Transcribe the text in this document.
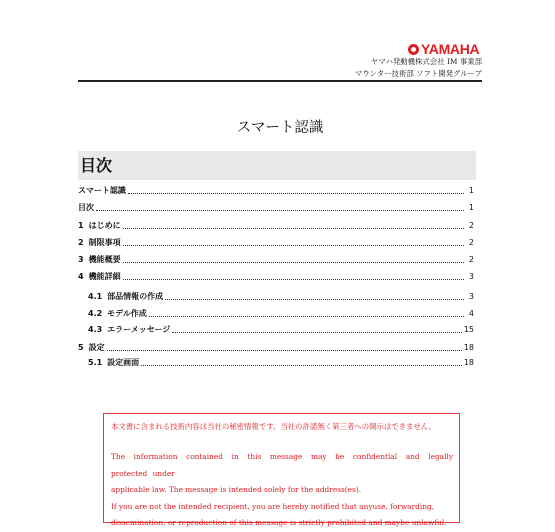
YAMAHA
ヤマハ発動機株式会社 IM 事業部
マウンター技術部 ソフト開発グループ
スマート認識
目次
スマート認識	1
目次	1
1 はじめに	2
2 制限事項	2
3 機能概要	2
4 機能詳細	3
4.1 部品情報の作成	3
4.2 モデル作成	4
4.3 エラーメッセージ	15
5 設定	18
5.1 設定画面	18

本文書に含まれる技術内容は当社の秘密情報です。当社の許諾無く第三者への開示はできません。

The information contained in this message may be confidential and legally protected under

applicable law. The message is intended solely for the address(es).

If you are not the intended recipient, you are hereby notified that anyuse, forwarding,

dissemination, or reproduction of this message is strictly prohibited and maybe unlawful.
